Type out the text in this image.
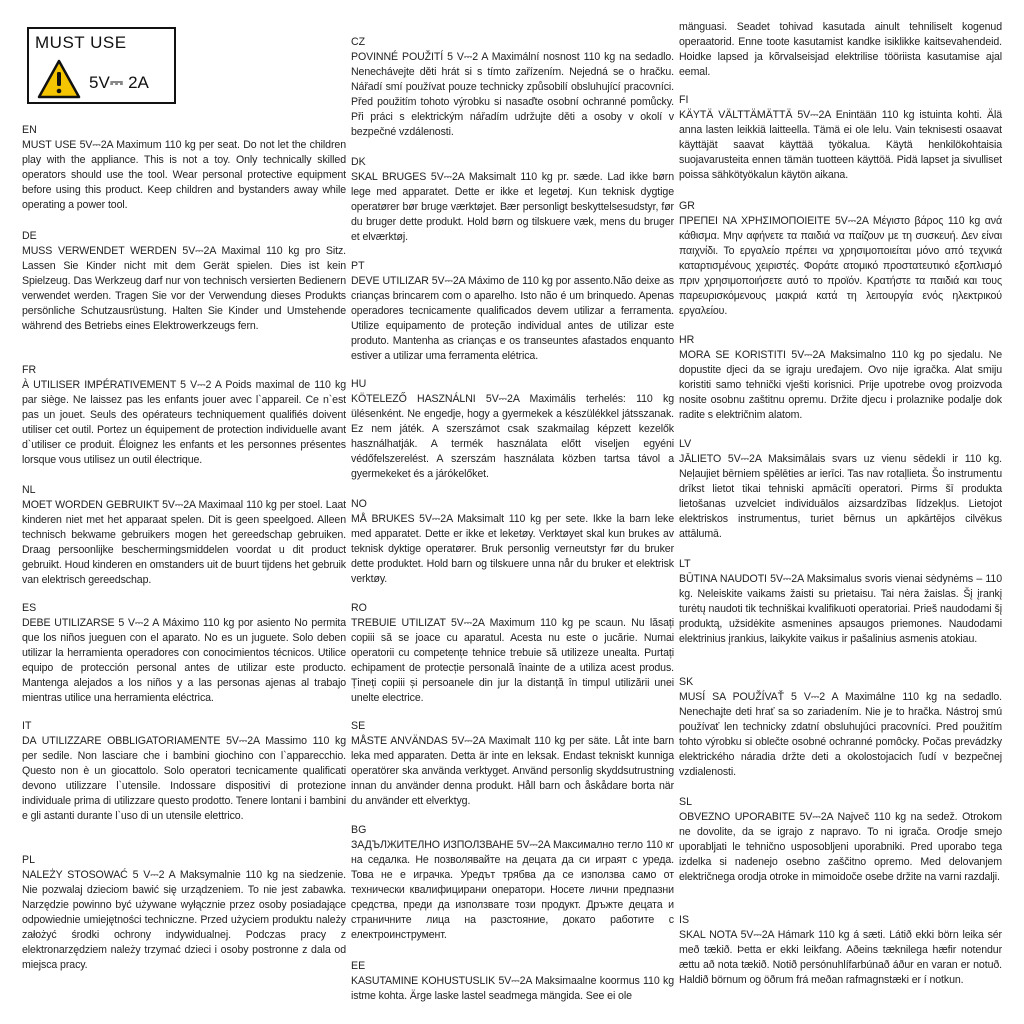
MUST USE
5V⎓ 2A

EN

MUST USE 5V⎓2A Maximum 110 kg per seat. Do not let the children play with the appliance. This is not a toy. Only technically skilled operators should use the tool. Wear personal protective equipment before using this product. Keep children and bystanders away while operating a power tool.

DE

MUSS VERWENDET WERDEN 5V⎓2A Maximal 110 kg pro Sitz. Lassen Sie Kinder nicht mit dem Gerät spielen. Dies ist kein Spielzeug. Das Werkzeug darf nur von technisch versierten Bedienern verwendet werden. Tragen Sie vor der Verwendung dieses Produkts persönliche Schutzausrüstung. Halten Sie Kinder und Umstehende während des Betriebs eines Elektrowerkzeugs fern.

FR

À UTILISER IMPÉRATIVEMENT 5 V⎓2 A Poids maximal de 110 kg par siège. Ne laissez pas les enfants jouer avec l`appareil. Ce n`est pas un jouet. Seuls des opérateurs techniquement qualifiés doivent utiliser cet outil. Portez un équipement de protection individuelle avant d`utiliser ce produit. Éloignez les enfants et les personnes présentes lorsque vous utilisez un outil électrique.

NL

MOET WORDEN GEBRUIKT 5V⎓2A Maximaal 110 kg per stoel. Laat kinderen niet met het apparaat spelen. Dit is geen speelgoed. Alleen technisch bekwame gebruikers mogen het gereedschap gebruiken. Draag persoonlijke beschermingsmiddelen voordat u dit product gebruikt. Houd kinderen en omstanders uit de buurt tijdens het gebruik van elektrisch gereedschap.

ES

DEBE UTILIZARSE 5 V⎓2 A Máximo 110 kg por asiento No permita que los niños jueguen con el aparato. No es un juguete. Solo deben utilizar la herramienta operadores con conocimientos técnicos. Utilice equipo de protección personal antes de utilizar este producto. Mantenga alejados a los niños y a las personas ajenas al trabajo mientras utilice una herramienta eléctrica.

IT

DA UTILIZZARE OBBLIGATORIAMENTE 5V⎓2A Massimo 110 kg per sedile. Non lasciare che i bambini giochino con l`apparecchio. Questo non è un giocattolo. Solo operatori tecnicamente qualificati devono utilizzare l`utensile. Indossare dispositivi di protezione individuale prima di utilizzare questo prodotto. Tenere lontani i bambini e gli astanti durante l`uso di un utensile elettrico.

PL

NALEŻY STOSOWAĆ 5 V⎓2 A Maksymalnie 110 kg na siedzenie. Nie pozwalaj dzieciom bawić się urządzeniem. To nie jest zabawka. Narzędzie powinno być używane wyłącznie przez osoby posiadające odpowiednie umiejętności techniczne. Przed użyciem produktu należy założyć środki ochrony indywidualnej. Podczas pracy z elektronarzędziem należy trzymać dzieci i osoby postronne z dala od miejsca pracy.

CZ

POVINNÉ POUŽITÍ 5 V⎓2 A Maximální nosnost 110 kg na sedadlo. Nenechávejte děti hrát si s tímto zařízením. Nejedná se o hračku. Nářadí smí používat pouze technicky způsobilí obsluhující pracovníci. Před použitím tohoto výrobku si nasaďte osobní ochranné pomůcky. Při práci s elektrickým nářadím udržujte děti a osoby v okolí v bezpečné vzdálenosti.

DK

SKAL BRUGES 5V⎓2A Maksimalt 110 kg pr. sæde. Lad ikke børn lege med apparatet. Dette er ikke et legetøj. Kun teknisk dygtige operatører bør bruge værktøjet. Bær personligt beskyttelsesudstyr, før du bruger dette produkt. Hold børn og tilskuere væk, mens du bruger et elværktøj.

PT

DEVE UTILIZAR 5V⎓2A Máximo de 110 kg por assento.Não deixe as crianças brincarem com o aparelho. Isto não é um brinquedo. Apenas operadores tecnicamente qualificados devem utilizar a ferramenta. Utilize equipamento de proteção individual antes de utilizar este produto. Mantenha as crianças e os transeuntes afastados enquanto estiver a utilizar uma ferramenta elétrica.

HU

KÖTELEZŐ HASZNÁLNI 5V⎓2A Maximális terhelés: 110 kg ülésenként. Ne engedje, hogy a gyermekek a készülékkel játsszanak. Ez nem játék. A szerszámot csak szakmailag képzett kezelők használhatják. A termék használata előtt viseljen egyéni védőfelszerelést. A szerszám használata közben tartsa távol a gyermekeket és a járókelőket.

NO

MÅ BRUKES 5V⎓2A Maksimalt 110 kg per sete. Ikke la barn leke med apparatet. Dette er ikke et leketøy. Verktøyet skal kun brukes av teknisk dyktige operatører. Bruk personlig verneutstyr før du bruker dette produktet. Hold barn og tilskuere unna når du bruker et elektrisk verktøy.

RO

TREBUIE UTILIZAT 5V⎓2A Maximum 110 kg pe scaun. Nu lăsați copiii să se joace cu aparatul. Acesta nu este o jucărie. Numai operatorii cu competențe tehnice trebuie să utilizeze unealta. Purtați echipament de protecție personală înainte de a utiliza acest produs. Țineți copiii și persoanele din jur la distanță în timpul utilizării unei unelte electrice.

SE

MÅSTE ANVÄNDAS 5V⎓2A Maximalt 110 kg per säte. Låt inte barn leka med apparaten. Detta är inte en leksak. Endast tekniskt kunniga operatörer ska använda verktyget. Använd personlig skyddsutrustning innan du använder denna produkt. Håll barn och åskådare borta när du använder ett elverktyg.

BG

ЗАДЪЛЖИТЕЛНО ИЗПОЛЗВАНЕ 5V⎓2A Максимално тегло 110 кг на седалка. Не позволявайте на децата да си играят с уреда. Това не е играчка. Уредът трябва да се използва само от технически квалифицирани оператори. Носете лични предпазни средства, преди да използвате този продукт. Дръжте децата и страничните лица на разстояние, докато работите с електроинструмент.

EE

KASUTAMINE KOHUSTUSLIK 5V⎓2A Maksimaalne koormus 110 kg istme kohta. Ärge laske lastel seadmega mängida. See ei ole

mänguasi. Seadet tohivad kasutada ainult tehniliselt kogenud operaatorid. Enne toote kasutamist kandke isiklikke kaitsevahendeid. Hoidke lapsed ja kõrvalseisjad elektrilise tööriista kasutamise ajal eemal.

FI

KÄYTÄ VÄLTTÄMÄTTÄ 5V⎓2A Enintään 110 kg istuinta kohti. Älä anna lasten leikkiä laitteella. Tämä ei ole lelu. Vain teknisesti osaavat käyttäjät saavat käyttää työkalua. Käytä henkilökohtaisia suojavarusteita ennen tämän tuotteen käyttöä. Pidä lapset ja sivulliset poissa sähkötyökalun käytön aikana.

GR

ΠΡΕΠΕΙ ΝΑ ΧΡΗΣΙΜΟΠΟΙΕΙΤΕ 5V⎓2A Μέγιστο βάρος 110 kg ανά κάθισμα. Μην αφήνετε τα παιδιά να παίζουν με τη συσκευή. Δεν είναι παιχνίδι. Το εργαλείο πρέπει να χρησιμοποιείται μόνο από τεχνικά καταρτισμένους χειριστές. Φοράτε ατομικό προστατευτικό εξοπλισμό πριν χρησιμοποιήσετε αυτό το προϊόν. Κρατήστε τα παιδιά και τους παρευρισκόμενους μακριά κατά τη λειτουργία ενός ηλεκτρικού εργαλείου.

HR

MORA SE KORISTITI 5V⎓2A Maksimalno 110 kg po sjedalu. Ne dopustite djeci da se igraju uređajem. Ovo nije igračka. Alat smiju koristiti samo tehnički vješti korisnici. Prije upotrebe ovog proizvoda nosite osobnu zaštitnu opremu. Držite djecu i prolaznike podalje dok radite s električnim alatom.

LV

JĀLIETO 5V⎓2A Maksimālais svars uz vienu sēdekli ir 110 kg. Neļaujiet bērniem spēlēties ar ierīci. Tas nav rotaļlieta. Šo instrumentu drīkst lietot tikai tehniski apmācīti operatori. Pirms šī produkta lietošanas uzvelciet individuālos aizsardzības līdzekļus. Lietojot elektriskos instrumentus, turiet bērnus un apkārtējos cilvēkus attālumā.

LT

BŪTINA NAUDOTI 5V⎓2A Maksimalus svoris vienai sėdynėms – 110 kg. Neleiskite vaikams žaisti su prietaisu. Tai nėra žaislas. Šį įrankį turėtų naudoti tik techniškai kvalifikuoti operatoriai. Prieš naudodami šį produktą, užsidėkite asmenines apsaugos priemones. Naudodami elektrinius įrankius, laikykite vaikus ir pašalinius asmenis atokiau.

SK

MUSÍ SA POUŽÍVAŤ 5 V⎓2 A Maximálne 110 kg na sedadlo. Nenechajte deti hrať sa so zariadením. Nie je to hračka. Nástroj smú používať len technicky zdatní obsluhujúci pracovníci. Pred použitím tohto výrobku si oblečte osobné ochranné pomôcky. Počas prevádzky elektrického náradia držte deti a okolostojacich ľudí v bezpečnej vzdialenosti.

SL

OBVEZNO UPORABITE 5V⎓2A Največ 110 kg na sedež. Otrokom ne dovolite, da se igrajo z napravo. To ni igrača. Orodje smejo uporabljati le tehnično usposobljeni uporabniki. Pred uporabo tega izdelka si nadenejo osebno zaščitno opremo. Med delovanjem električnega orodja otroke in mimoidoče osebe držite na varni razdalji.

IS

SKAL NOTA 5V⎓2A Hámark 110 kg á sæti. Látið ekki börn leika sér með tækið. Þetta er ekki leikfang. Aðeins tæknilega hæfir notendur ættu að nota tækið. Notið persónuhlífarbúnað áður en varan er notuð. Haldið börnum og öðrum frá meðan rafmagnstæki er í notkun.
